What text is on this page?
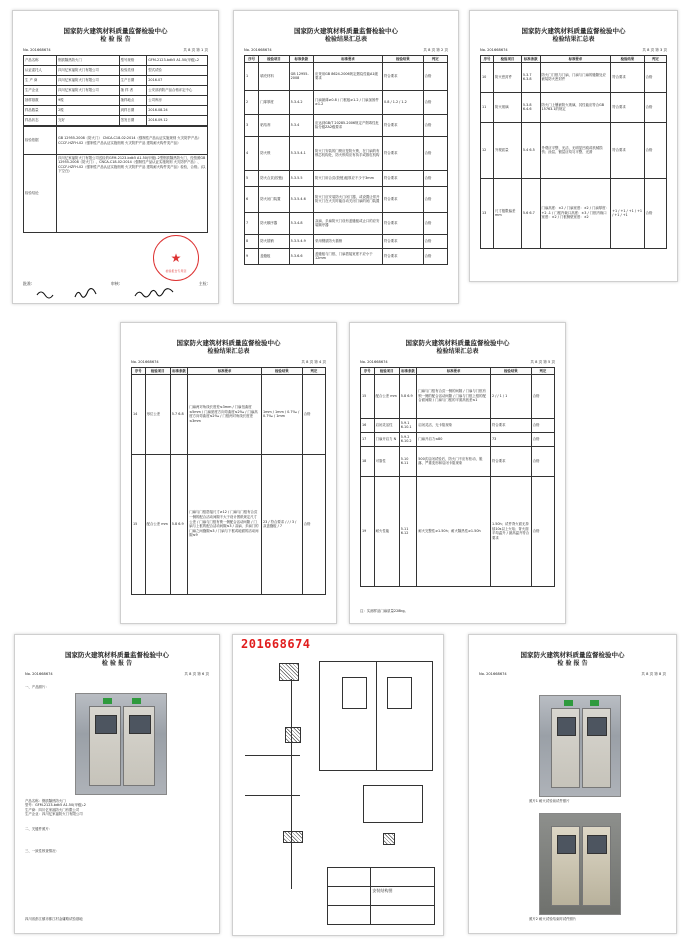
国家防火建筑材料质量监督检验中心
检 验 报 告
No. 201668674	共 8 页 第 1 页
产品名称	钢质隔热防火门	型号规格	GFM-2123-bdk5 A1.50(甲级)-2
认证委托人	四川亿家福防火门有限公司	检验类别	型式试验
生 产 商	四川亿家福防火门有限公司	生产日期	2016.07
生产企业	四川亿家福防火门有限公司	抽 样 者	公安部消防产品合格评定中心
抽样基数	9樘	抽样地点	公司库房
样品数量	2樘	到样日期	2016.08.24
样品状态	完好	签发日期	2016.09.12
检验依据	GB 12955-2008《防火门》 CNCA-C18-02:2014《强制性产品认证实施规则 火灾防护产品》 CCCF-HZFH-02《强制性产品认证实施细则 火灾防护产品 建筑耐火构件类产品》
检验结论	四川亿家福防火门有限公司送检的GFM-2123-bdk5 A1.50(甲级)-2型钢质隔热防火门，经按照GB 12955-2008《防火门》、CNCA-C18-02:2014《强制性产品认证实施规则 火灾防护产品》、CCCF-HZFH-02《强制性产品认证实施细则 火灾防护产品 建筑耐火构件类产品》检验，合格。(以下空白)
★
检验报告专用章
批准:	审核:	主检:
国家防火建筑材料质量监督检验中心
检验结果汇总表
No. 201668674	共 8 页 第 2 页
序号	检验项目	标准条款	标准要求	检验结果	判定
1	填充材料	GB 12955-2008	应采用GB 8624-2006规定燃烧性能A1级要求	符合要求	合格
2	门扉厚度	5.3.4.2	门扇最薄≥0.8 / 门框板≥1.2 / 门扇加固件≥1.2	0.8 / 1.2 / 1.2	合格
3	粘结剂	5.3.4	应达到GB/T 20285-2006规定产烟毒性危险分级ZA2级要求	符合要求	合格
4	防火锁	5.3.5.4.1	防火门安装的门锁应是防火锁，在门扇的有锁芯机构处，防火锁均应有执手或推杠机构	符合要求	合格
5	防火合页(铰链)	5.3.5.5	防火门用合页(铰链)板厚应不少于3mm	符合要求	合格
6	防火闭门装置	5.3.5.4.6	防火门应安装防火门闭门器，或设置让常开防火门在火灾时能自动关闭门扇的闭门装置	符合要求	合格
7	防火顺序器	5.3.4.8	双扇、多扇防火门设有盖缝板或止口的应安装顺序器	符合要求	合格
8	防火插销	5.3.5.4.9	采用钢质防火插销	符合要求	合格
9	盖缝板	5.3.6.6	盖缝板与门框、门扇搭接宽度不应小于12mm	符合要求	合格
国家防火建筑材料质量监督检验中心
检验结果汇总表
No. 201668674	共 8 页 第 3 页
序号	检验项目	标准条款	标准要求	检验结果	判定
10	防火密封件	5.3.7 6.3.8	防火门门框与门扇、门扇与门扇的缝隙处应嵌装防火密封件	符合要求	合格
11	防火玻璃	5.3.8 6.4.6	防火门上镶嵌防火玻璃，其性能应符合GB 15763.1的规定	符合要求	合格
12	外观质量	5.4 6.5	外观应平整、光洁，无明显凹痕或机械损伤；涂层、镀层应均匀平整、光滑	符合要求	合格
13	尺寸极限偏差 mm	5.6 6.7	门扇高度：±2 / 门扇宽度：±2 / 门扇厚度：+2 -1 / 门框内裁口高度：±3 / 门框内裁口宽度：±2 / 门框侧壁宽度：±2	+1 / +1 / +1 / +1 / +1 / +1	合格
国家防火建筑材料质量监督检验中心
检验结果汇总表
No. 201668674	共 8 页 第 4 页
序号	检验项目	标准条款	标准要求	检验结果	判定
14	形位公差	5.7 6.8	门扇两对角线长度差≤3mm / 门扇扭曲度≤5mm / 门扇宽度方向弯曲度≤2‰ / 门扇高度方向弯曲度≤2‰ / 门框两对角线长度差≤3mm	1mm / 1mm / 0.7‰ / 0.7‰ / 1mm	合格
15	配合公差 mm	5.8 6.9	门扇与门框搭接尺寸≥12 / 门扇与门框有合页一侧的配合活动间隙不大于设计图纸规定尺寸公差 / 门扇与门框有锁一侧配合活动间隙 / 门扇与上框的配合活动间隙≤3 / 双扇、多扇门的门扇之间缝隙≤3 / 门扇与下框或地面的活动间隙≤9	23 / 符合要求 / / / 3 / 双盖缝板 / 7	合格
国家防火建筑材料质量监督检验中心
检验结果汇总表
No. 201668674	共 8 页 第 5 页
序号	检验项目	标准条款	标准要求	检验结果	判定
15	配合公差 mm	5.8 6.9	门扇与门框有合页一侧的间隙 / 门扇与门框有锁一侧的配合活动间隙 / 门扇与门框上框的配合面间隙 / 门扇与门框的平面高低差≤1	2 / / 1 / 1	合格
16	启闭灵活性	5.9.1 6.10.1	启闭灵活，无卡阻现象	符合要求	合格
17	门扇开启力 N	5.9.2 6.10.2	门扇开启力≤80	73	合格
18	可靠性	5.10 6.11	500次启闭试验后，防火门不应有松动、脱落、严重变形和启闭卡阻现象	符合要求	合格
19	耐火性能	5.11 6.12	耐火完整性≥1.50h；耐火隔热性≥1.50h	1.50h；试件背火面无持续10s以上火焰；背火面平均温升 / 最高温升符合要求	合格
注：实测样品门扇质量228kg。
国家防火建筑材料质量监督检验中心
检 验 报 告
No. 201668674	共 8 页 第 6 页
一、产品照片：
产品名称：钢质隔热防火门
型号：GFM-2123-bdk5 A1.50(甲级)-2
生产商：四川亿家福防火门有限公司
生产企业：四川亿家福防火门有限公司
二、关键件照片：
三、一致性核查情况：
四川省彭江镇市都江村金庸路试验基地
201668674
安装结构图
国家防火建筑材料质量监督检验中心
检 验 报 告
No. 201668674	共 8 页 第 8 页
照片1 耐火试验前试件照片
照片2 耐火试验结束时试件照片
